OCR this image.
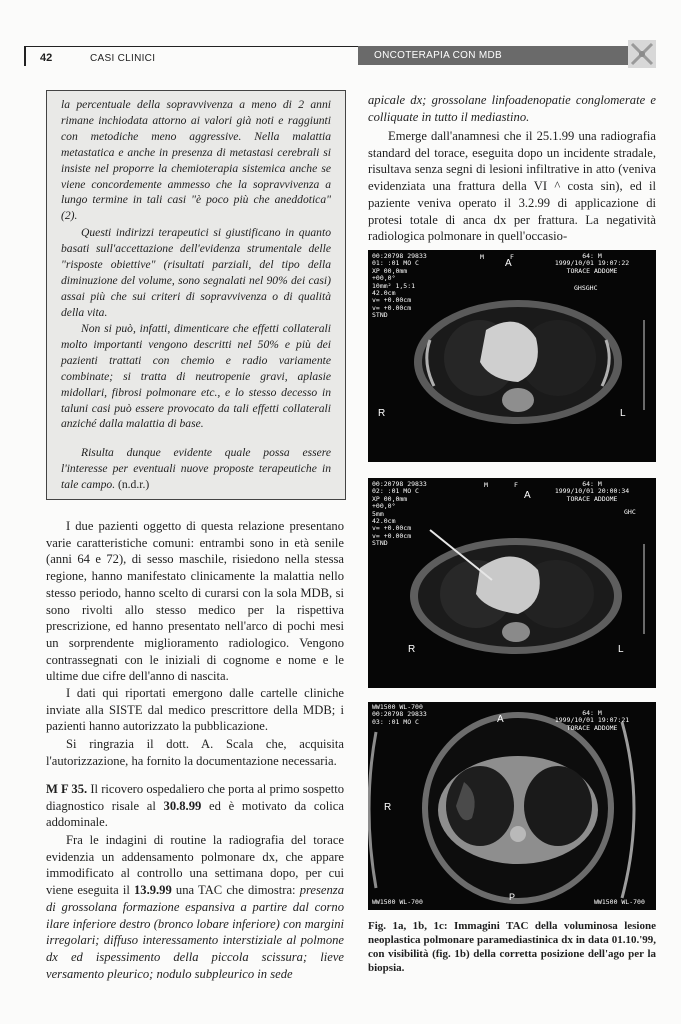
42	CASI CLINICI	ONCOTERAPIA CON MDB

la percentuale della sopravvivenza a meno di 2 anni rimane inchiodata attorno ai valori già noti e raggiunti con metodiche meno aggressive. Nella malattia metastatica e anche in presenza di metastasi cerebrali si insiste nel proporre la chemioterapia sistemica anche se viene concordemente ammesso che la sopravvivenza a lungo termine in tali casi "è poco più che aneddotica" (2).

Questi indirizzi terapeutici si giustificano in quanto basati sull'accettazione dell'evidenza strumentale delle "risposte obiettive" (risultati parziali, del tipo della diminuzione del volume, sono segnalati nel 90% dei casi) assai più che sui criteri di sopravvivenza o di qualità della vita.

Non si può, infatti, dimenticare che effetti collaterali molto importanti vengono descritti nel 50% e più dei pazienti trattati con chemio e radio variamente combinate; si tratta di neutropenie gravi, aplasie midollari, fibrosi polmonare etc., e lo stesso decesso in taluni casi può essere provocato da tali effetti collaterali anziché dalla malattia di base.

Risulta dunque evidente quale possa essere l'interesse per eventuali nuove proposte terapeutiche in tale campo. (n.d.r.)

I due pazienti oggetto di questa relazione presentano varie caratteristiche comuni: entrambi sono in età senile (anni 64 e 72), di sesso maschile, risiedono nella stessa regione, hanno manifestato clinicamente la malattia nello stesso periodo, hanno scelto di curarsi con la sola MDB, si sono rivolti allo stesso medico per la rispettiva prescrizione, ed hanno presentato nell'arco di pochi mesi un sorprendente miglioramento radiologico. Vengono contrassegnati con le iniziali di cognome e nome e le ultime due cifre dell'anno di nascita.

I dati qui riportati emergono dalle cartelle cliniche inviate alla SISTE dal medico prescrittore della MDB; i pazienti hanno autorizzato la pubblicazione.

Si ringrazia il dott. A. Scala che, acquisita l'autorizzazione, ha fornito la documentazione necessaria.

M F 35. Il ricovero ospedaliero che porta al primo sospetto diagnostico risale al 30.8.99 ed è motivato da colica addominale.

Fra le indagini di routine la radiografia del torace evidenzia un addensamento polmonare dx, che appare immodificato al controllo una settimana dopo, per cui viene eseguita il 13.9.99 una TAC che dimostra: presenza di grossolana formazione espansiva a partire dal corno ilare inferiore destro (bronco lobare inferiore) con margini irregolari; diffuso interessamento interstiziale al polmone dx ed ispessimento della piccola scissura; lieve versamento pleurico; nodulo subpleurico in sede

apicale dx; grossolane linfoadenopatie conglomerate e colliquate in tutto il mediastino.

Emerge dall'anamnesi che il 25.1.99 una radiografia standard del torace, eseguita dopo un incidente stradale, risultava senza segni di lesioni infiltrative in atto (veniva evidenziata una frattura della VI ^ costa sin), ed il paziente veniva operato il 3.2.99 di applicazione di protesi totale di anca dx per frattura. La negatività radiologica polmonare in quell'occasio-

00:20798 29833
01: :01 MO C
XP 00,0mm
+00,0°
10mm² 1,5:1
42.0cm
v= +0.00cm
v= +0.00cm
STND
M	F	64: M
1999/10/01 19:07:22
TORACE ADDOME
GHSGHC
A
R	L
00:20798 29833
02: :01 MO C
XP 00,0mm
+00,0°
5mm
42.0cm
v= +0.00cm
v= +0.00cm
STND
M	F	64: M
1999/10/01 20:00:34
TORACE ADDOME
GHC
A
R	L
WW1500 WL-700
00:20798 29833
03: :01 MO C
64: M
1999/10/01 19:07:21
TORACE ADDOME
A
R
P
WW1500 WL-700	WW1500 WL-700

Fig. 1a, 1b, 1c: Immagini TAC della voluminosa lesione neoplastica polmonare paramediastinica dx in data 01.10.'99, con visibilità (fig. 1b) della corretta posizione dell'ago per la biopsia.
